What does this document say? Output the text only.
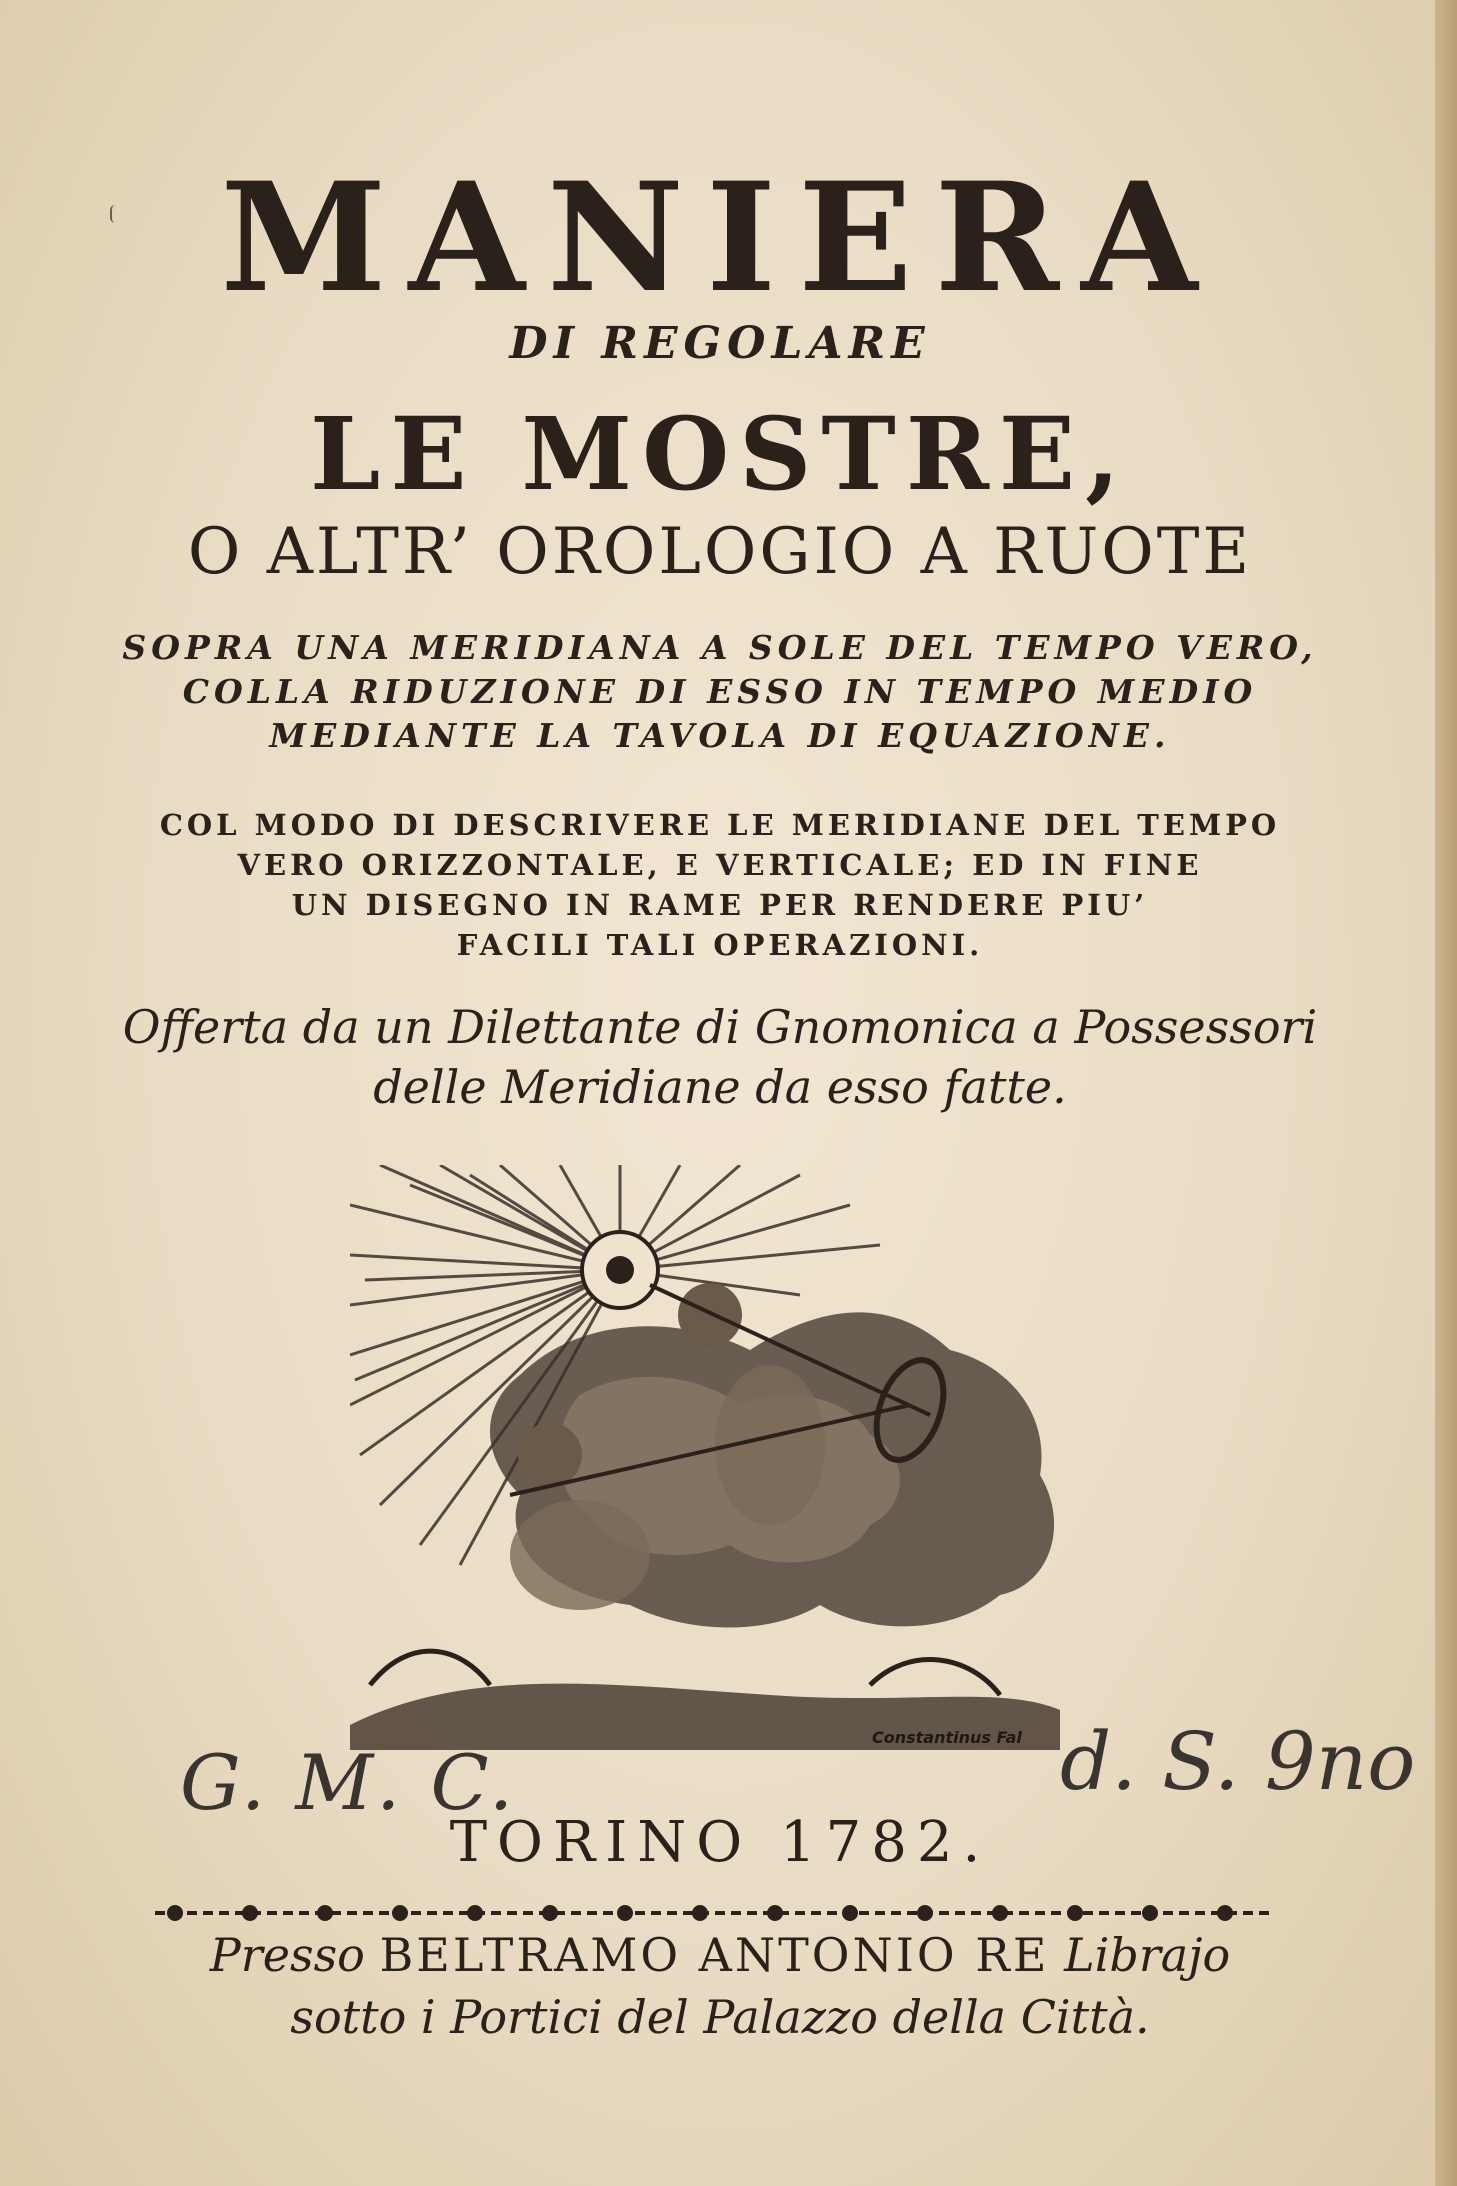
MANIERA
DI REGOLARE
LE MOSTRE,
O ALTR’ OROLOGIO A RUOTE
SOPRA UNA MERIDIANA A SOLE DEL TEMPO VERO,
COLLA RIDUZIONE DI ESSO IN TEMPO MEDIO
MEDIANTE LA TAVOLA DI EQUAZIONE.
COL MODO DI DESCRIVERE LE MERIDIANE DEL TEMPO
VERO ORIZZONTALE, E VERTICALE; ED IN FINE
UN DISEGNO IN RAME PER RENDERE PIU’
FACILI TALI OPERAZIONI.
Offerta da un Dilettante di Gnomonica a Possessori
delle Meridiane da esso fatte.
Constantinus Fal
G. M. C.	d. S. 9no
TORINO 1782.
Presso BELTRAMO ANTONIO RE Librajo
sotto i Portici del Palazzo della Città.
